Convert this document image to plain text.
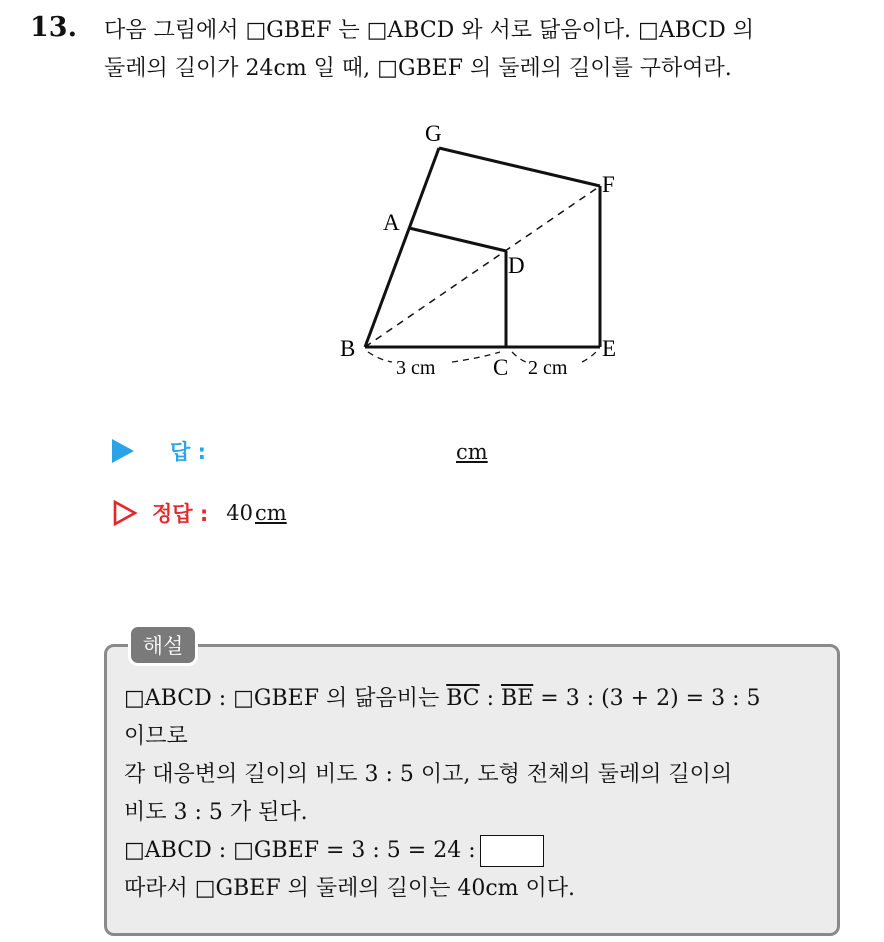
13. 다음 그림에서 □GBEF 는 □ABCD 와 서로 닮음이다. □ABCD 의
둘레의 길이가 24cm 일 때, □GBEF 의 둘레의 길이를 구하여라.
G
F
A
D
B
C
E
3 cm	2 cm
답 :	cm
정답 : 40 cm
해설
□ABCD : □GBEF 의 닮음비는 $\overline{BC}$ : $\overline{BE} = 3$ : (3 + 2) = 3 : 5
이므로
각 대응변의 길이의 비도 3 : 5 이고, 도형 전체의 둘레의 길이의
비도 3 : 5 가 된다.
□ABCD : □GBEF = 3 : 5 = 24 :
따라서 □GBEF 의 둘레의 길이는 40cm 이다.
